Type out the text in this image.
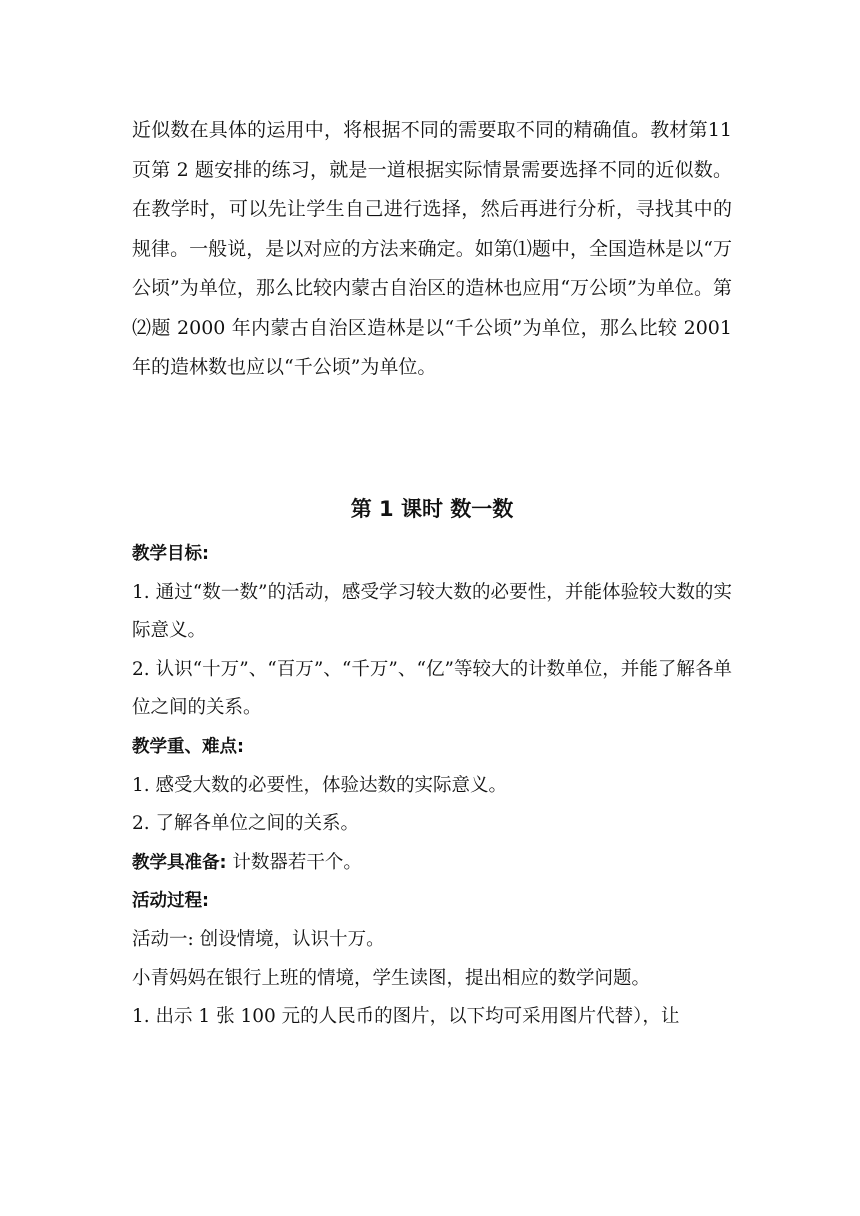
近似数在具体的运用中，将根据不同的需要取不同的精确值。教材第11 页第 2 题安排的练习，就是一道根据实际情景需要选择不同的近似数。在教学时，可以先让学生自己进行选择，然后再进行分析，寻找其中的规律。一般说，是以对应的方法来确定。如第⑴题中，全国造林是以“万公顷”为单位，那么比较内蒙古自治区的造林也应用“万公顷”为单位。第⑵题 2000 年内蒙古自治区造林是以“千公顷”为单位，那么比较 2001 年的造林数也应以“千公顷”为单位。

第 1 课时 数一数

教学目标:

1. 通过“数一数”的活动，感受学习较大数的必要性，并能体验较大数的实际意义。

2. 认识“十万”、“百万”、“千万”、“亿”等较大的计数单位，并能了解各单位之间的关系。

教学重、难点:

1. 感受大数的必要性，体验达数的实际意义。

2. 了解各单位之间的关系。

教学具准备: 计数器若干个。

活动过程:

活动一: 创设情境，认识十万。

小青妈妈在银行上班的情境，学生读图，提出相应的数学问题。

1. 出示 1 张 100 元的人民币的图片，以下均可采用图片代替），让
